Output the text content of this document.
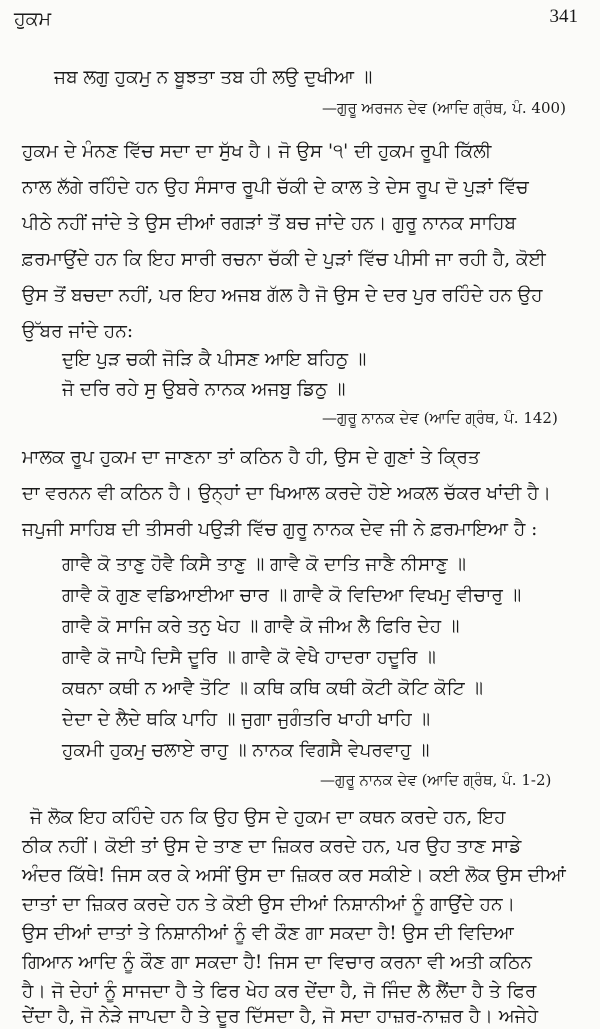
ਹੁਕਮ	341
ਜਬ ਲਗੁ ਹੁਕਮੁ ਨ ਬੂਝਤਾ ਤਬ ਹੀ ਲਉ ਦੁਖੀਆ ॥
—ਗੁਰੂ ਅਰਜਨ ਦੇਵ (ਆਦਿ ਗ੍ਰੰਥ, ਪੰ. 400)
ਹੁਕਮ ਦੇ ਮੰਨਣ ਵਿੱਚ ਸਦਾ ਦਾ ਸੁੱਖ ਹੈ। ਜੋ ਉਸ '੧' ਦੀ ਹੁਕਮ ਰੂਪੀ ਕਿੱਲੀ
ਨਾਲ ਲੱਗੇ ਰਹਿੰਦੇ ਹਨ ਉਹ ਸੰਸਾਰ ਰੂਪੀ ਚੱਕੀ ਦੇ ਕਾਲ ਤੇ ਦੇਸ ਰੂਪ ਦੋ ਪੁੜਾਂ ਵਿੱਚ
ਪੀਠੇ ਨਹੀਂ ਜਾਂਦੇ ਤੇ ਉਸ ਦੀਆਂ ਰਗੜਾਂ ਤੋਂ ਬਚ ਜਾਂਦੇ ਹਨ। ਗੁਰੂ ਨਾਨਕ ਸਾਹਿਬ
ਫ਼ਰਮਾਉਂਦੇ ਹਨ ਕਿ ਇਹ ਸਾਰੀ ਰਚਨਾ ਚੱਕੀ ਦੇ ਪੁੜਾਂ ਵਿੱਚ ਪੀਸੀ ਜਾ ਰਹੀ ਹੈ, ਕੋਈ
ਉਸ ਤੋਂ ਬਚਦਾ ਨਹੀਂ, ਪਰ ਇਹ ਅਜਬ ਗੱਲ ਹੈ ਜੋ ਉਸ ਦੇ ਦਰ ਪੁਰ ਰਹਿੰਦੇ ਹਨ ਉਹ
ਉੱਬਰ ਜਾਂਦੇ ਹਨ:
ਦੁਇ ਪੁੜ ਚਕੀ ਜੋੜਿ ਕੈ ਪੀਸਣ ਆਇ ਬਹਿਠੁ ॥
ਜੋ ਦਰਿ ਰਹੇ ਸੁ ਉਬਰੇ ਨਾਨਕ ਅਜਬੁ ਡਿਠੁ ॥
—ਗੁਰੂ ਨਾਨਕ ਦੇਵ (ਆਦਿ ਗ੍ਰੰਥ, ਪੰ. 142)
ਮਾਲਕ ਰੂਪ ਹੁਕਮ ਦਾ ਜਾਣਨਾ ਤਾਂ ਕਠਿਨ ਹੈ ਹੀ, ਉਸ ਦੇ ਗੁਣਾਂ ਤੇ ਕ੍ਰਿਤ
ਦਾ ਵਰਨਨ ਵੀ ਕਠਿਨ ਹੈ। ਉਨ੍ਹਾਂ ਦਾ ਖਿਆਲ ਕਰਦੇ ਹੋਏ ਅਕਲ ਚੱਕਰ ਖਾਂਦੀ ਹੈ।
ਜਪੁਜੀ ਸਾਹਿਬ ਦੀ ਤੀਸਰੀ ਪਉੜੀ ਵਿੱਚ ਗੁਰੂ ਨਾਨਕ ਦੇਵ ਜੀ ਨੇ ਫ਼ਰਮਾਇਆ ਹੈ :
ਗਾਵੈ ਕੋ ਤਾਣੁ ਹੋਵੈ ਕਿਸੈ ਤਾਣੁ ॥ ਗਾਵੈ ਕੋ ਦਾਤਿ ਜਾਣੈ ਨੀਸਾਣੁ ॥
ਗਾਵੈ ਕੋ ਗੁਣ ਵਡਿਆਈਆ ਚਾਰ ॥ ਗਾਵੈ ਕੋ ਵਿਦਿਆ ਵਿਖਮੁ ਵੀਚਾਰੁ ॥
ਗਾਵੈ ਕੋ ਸਾਜਿ ਕਰੇ ਤਨੁ ਖੇਹ ॥ ਗਾਵੈ ਕੋ ਜੀਅ ਲੈ ਫਿਰਿ ਦੇਹ ॥
ਗਾਵੈ ਕੋ ਜਾਪੈ ਦਿਸੈ ਦੂਰਿ ॥ ਗਾਵੈ ਕੋ ਵੇਖੈ ਹਾਦਰਾ ਹਦੂਰਿ ॥
ਕਥਨਾ ਕਥੀ ਨ ਆਵੈ ਤੋਟਿ ॥ ਕਥਿ ਕਥਿ ਕਥੀ ਕੋਟੀ ਕੋਟਿ ਕੋਟਿ ॥
ਦੇਦਾ ਦੇ ਲੈਦੇ ਥਕਿ ਪਾਹਿ ॥ ਜੁਗਾ ਜੁਗੰਤਰਿ ਖਾਹੀ ਖਾਹਿ ॥
ਹੁਕਮੀ ਹੁਕਮੁ ਚਲਾਏ ਰਾਹੁ ॥ ਨਾਨਕ ਵਿਗਸੈ ਵੇਪਰਵਾਹੁ ॥
—ਗੁਰੂ ਨਾਨਕ ਦੇਵ (ਆਦਿ ਗ੍ਰੰਥ, ਪੰ. 1-2)
ਜੋ ਲੋਕ ਇਹ ਕਹਿੰਦੇ ਹਨ ਕਿ ਉਹ ਉਸ ਦੇ ਹੁਕਮ ਦਾ ਕਥਨ ਕਰਦੇ ਹਨ, ਇਹ
ਠੀਕ ਨਹੀਂ। ਕੋਈ ਤਾਂ ਉਸ ਦੇ ਤਾਣ ਦਾ ਜ਼ਿਕਰ ਕਰਦੇ ਹਨ, ਪਰ ਉਹ ਤਾਣ ਸਾਡੇ
ਅੰਦਰ ਕਿੱਥੇ! ਜਿਸ ਕਰ ਕੇ ਅਸੀਂ ਉਸ ਦਾ ਜ਼ਿਕਰ ਕਰ ਸਕੀਏ। ਕਈ ਲੋਕ ਉਸ ਦੀਆਂ
ਦਾਤਾਂ ਦਾ ਜ਼ਿਕਰ ਕਰਦੇ ਹਨ ਤੇ ਕੋਈ ਉਸ ਦੀਆਂ ਨਿਸ਼ਾਨੀਆਂ ਨੂੰ ਗਾਉਂਦੇ ਹਨ।
ਉਸ ਦੀਆਂ ਦਾਤਾਂ ਤੇ ਨਿਸ਼ਾਨੀਆਂ ਨੂੰ ਵੀ ਕੌਣ ਗਾ ਸਕਦਾ ਹੈ! ਉਸ ਦੀ ਵਿਦਿਆ
ਗਿਆਨ ਆਦਿ ਨੂੰ ਕੌਣ ਗਾ ਸਕਦਾ ਹੈ! ਜਿਸ ਦਾ ਵਿਚਾਰ ਕਰਨਾ ਵੀ ਅਤੀ ਕਠਿਨ
ਹੈ। ਜੋ ਦੇਹਾਂ ਨੂੰ ਸਾਜਦਾ ਹੈ ਤੇ ਫਿਰ ਖੇਹ ਕਰ ਦੇਂਦਾ ਹੈ, ਜੋ ਜਿੰਦ ਲੈ ਲੈਂਦਾ ਹੈ ਤੇ ਫਿਰ
ਦੇਂਦਾ ਹੈ, ਜੋ ਨੇੜੇ ਜਾਪਦਾ ਹੈ ਤੇ ਦੂਰ ਦਿੱਸਦਾ ਹੈ, ਜੋ ਸਦਾ ਹਾਜ਼ਰ-ਨਾਜ਼ਰ ਹੈ। ਅਜੇਹੇ
